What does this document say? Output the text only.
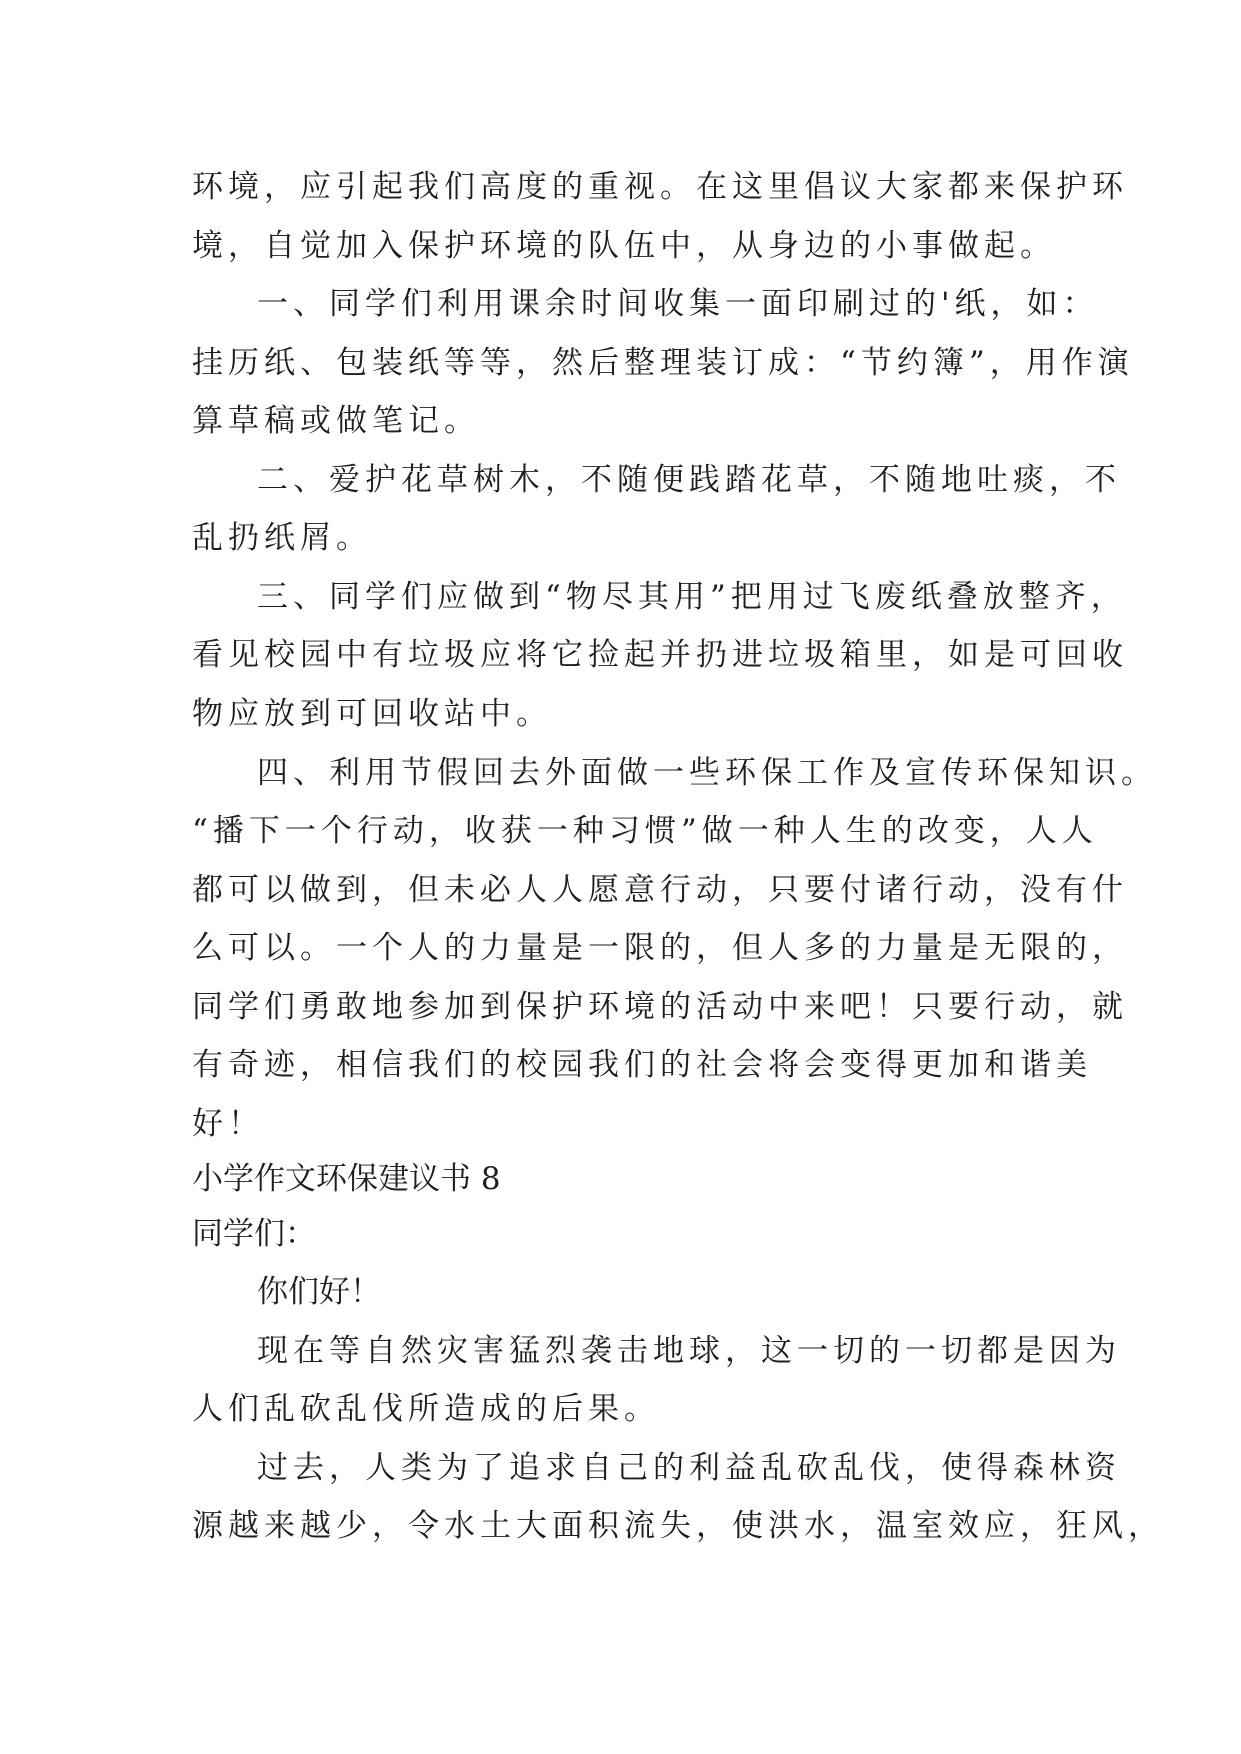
环境，应引起我们高度的重视。在这里倡议大家都来保护环
境，自觉加入保护环境的队伍中，从身边的小事做起。
一、同学们利用课余时间收集一面印刷过的'纸，如：
挂历纸、包装纸等等，然后整理装订成：“节约簿”，用作演
算草稿或做笔记。
二、爱护花草树木，不随便践踏花草，不随地吐痰，不
乱扔纸屑。
三、同学们应做到“物尽其用”把用过飞废纸叠放整齐，
看见校园中有垃圾应将它捡起并扔进垃圾箱里，如是可回收
物应放到可回收站中。
四、利用节假回去外面做一些环保工作及宣传环保知识。
“播下一个行动，收获一种习惯”做一种人生的改变，人人
都可以做到，但未必人人愿意行动，只要付诸行动，没有什
么可以。一个人的力量是一限的，但人多的力量是无限的，
同学们勇敢地参加到保护环境的活动中来吧！只要行动，就
有奇迹，相信我们的校园我们的社会将会变得更加和谐美
好！
小学作文环保建议书 8
同学们：
你们好！
现在等自然灾害猛烈袭击地球，这一切的一切都是因为
人们乱砍乱伐所造成的后果。
过去，人类为了追求自己的利益乱砍乱伐，使得森林资
源越来越少，令水土大面积流失，使洪水，温室效应，狂风，
